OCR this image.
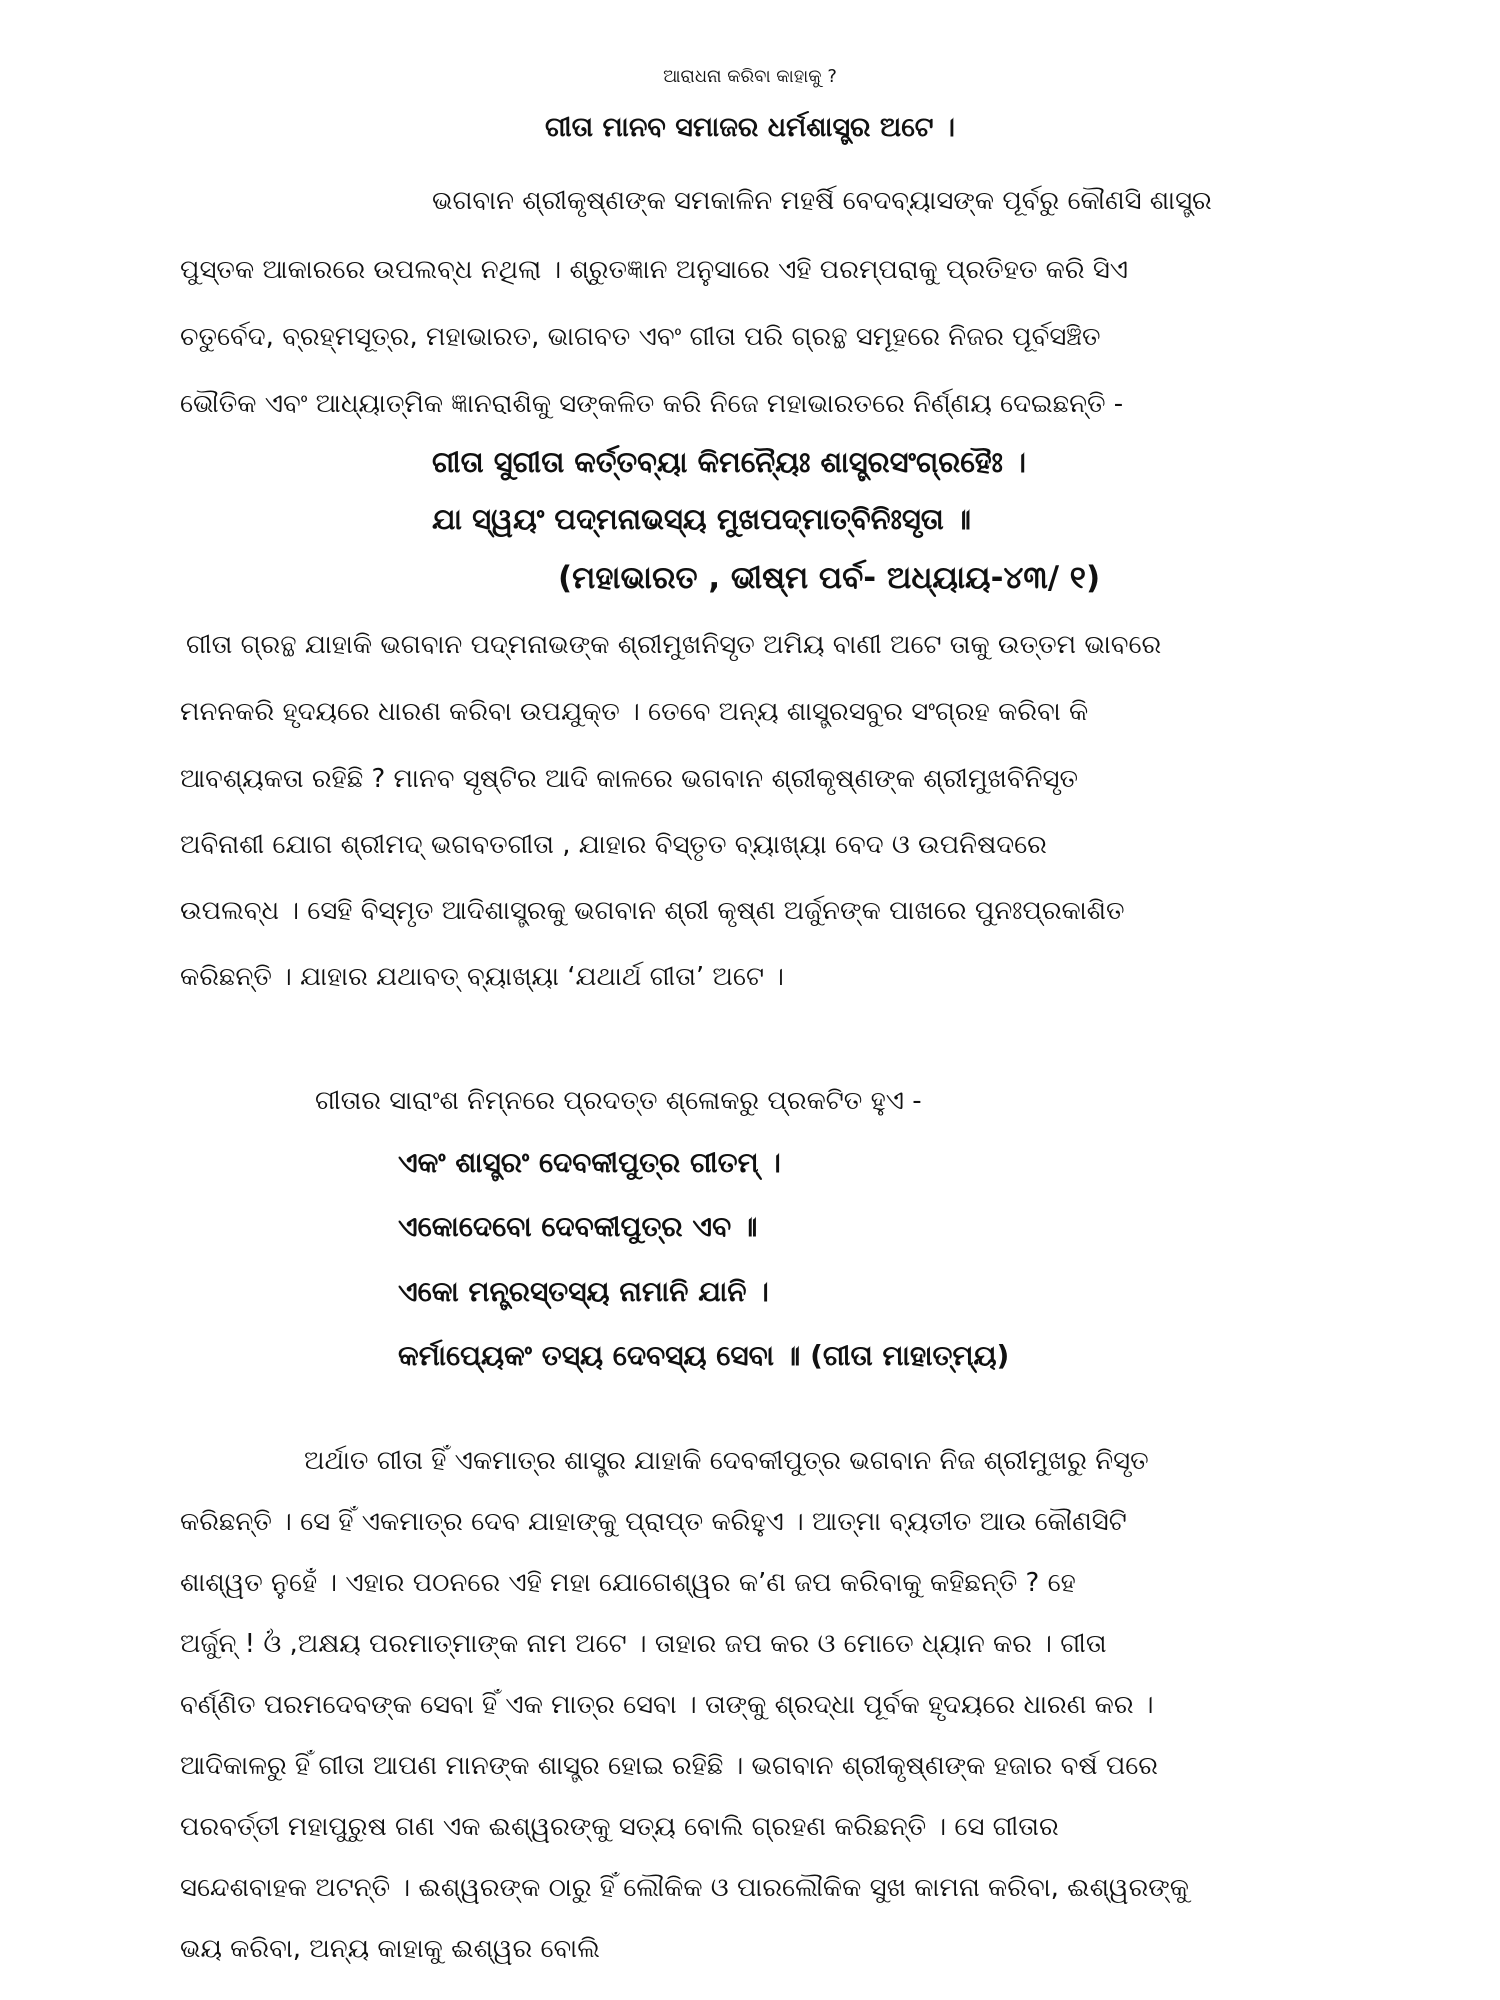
ଆରାଧନା କରିବା କାହାକୁ ?

ଗୀତା ମାନବ ସମାଜର ଧର୍ମଶାସ୍ତ୍ର ଅଟେ ।

ଭଗବାନ ଶ୍ରୀକୃଷ୍ଣଙ୍କ ସମକାଳିନ ମହର୍ଷି ବେଦବ୍ୟାସଙ୍କ ପୂର୍ବରୁ କୌଣସି ଶାସ୍ତ୍ର

ପୁସ୍ତକ ଆକାରରେ ଉପଲବ୍ଧ ନଥିଲା । ଶ୍ରୁତଜ୍ଞାନ ଅନୁସାରେ ଏହି ପରମ୍ପରାକୁ ପ୍ରତିହତ କରି ସିଏ

ଚତୁର୍ବେଦ, ବ୍ରହ୍ମସୂତ୍ର, ମହାଭାରତ, ଭାଗବତ ଏବଂ ଗୀତା ପରି ଗ୍ରନ୍ଥ ସମୂହରେ ନିଜର ପୂର୍ବସଞ୍ଚିତ

ଭୌତିକ ଏବଂ ଆଧ୍ୟାତ୍ମିକ ଜ୍ଞାନରାଶିକୁ ସଙ୍କଳିତ କରି ନିଜେ ମହାଭାରତରେ ନିର୍ଣ୍ଣୟ ଦେଇଛନ୍ତି -

ଗୀତା ସୁଗୀତା କର୍ତ୍ତବ୍ୟା କିମନ୍ୟୈଃ ଶାସ୍ତ୍ରସଂଗ୍ରହୈଃ ।

ଯା ସ୍ୱୟଂ ପଦ୍ମନାଭସ୍ୟ ମୁଖପଦ୍ମାତ୍‌ବିନିଃସୃତା ॥

(ମହାଭାରତ , ଭୀଷ୍ମ ପର୍ବ- ଅଧ୍ୟାୟ-୪୩/ ୧)

ଗୀତା ଗ୍ରନ୍ଥ ଯାହାକି ଭଗବାନ ପଦ୍ମନାଭଙ୍କ ଶ୍ରୀମୁଖନିସୃତ ଅମିୟ ବାଣୀ ଅଟେ ତାକୁ ଉତ୍ତମ ଭାବରେ

ମନନକରି ହୃଦୟରେ ଧାରଣ କରିବା ଉପଯୁକ୍ତ । ତେବେ ଅନ୍ୟ ଶାସ୍ତ୍ରସବୁର ସଂଗ୍ରହ କରିବା କି

ଆବଶ୍ୟକତା ରହିଛି ? ମାନବ ସୃଷ୍ଟିର ଆଦି କାଳରେ ଭଗବାନ ଶ୍ରୀକୃଷ୍ଣଙ୍କ ଶ୍ରୀମୁଖବିନିସୃତ

ଅବିନାଶୀ ଯୋଗ ଶ୍ରୀମଦ୍ ଭଗବତଗୀତା , ଯାହାର ବିସ୍ତୃତ ବ୍ୟାଖ୍ୟା ବେଦ ଓ ଉପନିଷଦରେ

ଉପଲବ୍ଧ । ସେହି ବିସ୍ମୃତ ଆଦିଶାସ୍ତ୍ରକୁ ଭଗବାନ ଶ୍ରୀ କୃଷ୍ଣ ଅର୍ଜୁନଙ୍କ ପାଖରେ ପୁନଃପ୍ରକାଶିତ

କରିଛନ୍ତି । ଯାହାର ଯଥାବତ୍ ବ୍ୟାଖ୍ୟା ‘ଯଥାର୍ଥ ଗୀତା’ ଅଟେ ।

ଗୀତାର ସାରାଂଶ ନିମ୍ନରେ ପ୍ରଦତ୍ତ ଶ୍ଳୋକରୁ ପ୍ରକଟିତ ହୁଏ -

ଏକଂ ଶାସ୍ତ୍ରଂ ଦେବକୀପୁତ୍ର ଗୀତମ୍ ।

ଏକୋଦେବୋ ଦେବକୀପୁତ୍ର ଏବ ॥

ଏକୋ ମନ୍ତ୍ରସ୍ତସ୍ୟ ନାମାନି ଯାନି ।

କର୍ମାପ୍ୟେକଂ ତସ୍ୟ ଦେବସ୍ୟ ସେବା ॥ (ଗୀତା ମାହାତ୍ମ୍ୟ)

ଅର୍ଥାତ ଗୀତା ହିଁ ଏକମାତ୍ର ଶାସ୍ତ୍ର ଯାହାକି ଦେବକୀପୁତ୍ର ଭଗବାନ ନିଜ ଶ୍ରୀମୁଖରୁ ନିସୃତ

କରିଛନ୍ତି । ସେ ହିଁ ଏକମାତ୍ର ଦେବ ଯାହାଙ୍କୁ ପ୍ରାପ୍ତ କରିହୁଏ । ଆତ୍ମା ବ୍ୟତୀତ ଆଉ କୌଣସିଟି

ଶାଶ୍ୱତ ନୁହେଁ । ଏହାର ପଠନରେ ଏହି ମହା ଯୋଗେଶ୍ୱର କ’ଣ ଜପ କରିବାକୁ କହିଛନ୍ତି ? ହେ

ଅର୍ଜୁନ୍ ! ଓଁ ,ଅକ୍ଷୟ ପରମାତ୍ମାଙ୍କ ନାମ ଅଟେ । ତାହାର ଜପ କର ଓ ମୋତେ ଧ୍ୟାନ କର । ଗୀତା

ବର୍ଣ୍ଣିତ ପରମଦେବଙ୍କ ସେବା ହିଁ ଏକ ମାତ୍ର ସେବା । ତାଙ୍କୁ ଶ୍ରଦ୍ଧା ପୂର୍ବକ ହୃଦୟରେ ଧାରଣ କର ।

ଆଦିକାଳରୁ ହିଁ ଗୀତା ଆପଣ ମାନଙ୍କ ଶାସ୍ତ୍ର ହୋଇ ରହିଛି । ଭଗବାନ ଶ୍ରୀକୃଷ୍ଣଙ୍କ ହଜାର ବର୍ଷ ପରେ

ପରବର୍ତ୍ତୀ ମହାପୁରୁଷ ଗଣ ଏକ ଈଶ୍ୱରଙ୍କୁ ସତ୍ୟ ବୋଲି ଗ୍ରହଣ କରିଛନ୍ତି । ସେ ଗୀତାର

ସନ୍ଦେଶବାହକ ଅଟନ୍ତି । ଈଶ୍ୱରଙ୍କ ଠାରୁ ହିଁ ଲୌକିକ ଓ ପାରଲୌକିକ ସୁଖ କାମନା କରିବା, ଈଶ୍ୱରଙ୍କୁ

ଭୟ କରିବା, ଅନ୍ୟ କାହାକୁ ଈଶ୍ୱର ବୋଲି
